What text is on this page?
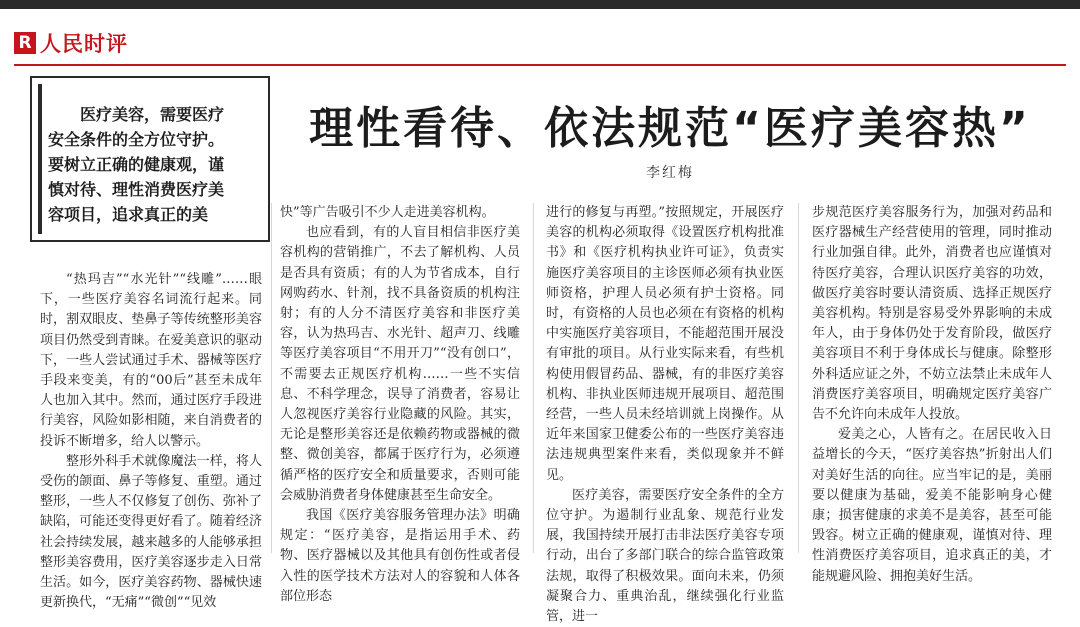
R 人民时评

医疗美容，需要医疗安全条件的全方位守护。要树立正确的健康观，谨慎对待、理性消费医疗美容项目，追求真正的美

理性看待、依法规范“医疗美容热”
李红梅

“热玛吉”“水光针”“线雕”……眼下，一些医疗美容名词流行起来。同时，割双眼皮、垫鼻子等传统整形美容项目仍然受到青睐。在爱美意识的驱动下，一些人尝试通过手术、器械等医疗手段来变美，有的“00后”甚至未成年人也加入其中。然而，通过医疗手段进行美容，风险如影相随，来自消费者的投诉不断增多，给人以警示。

整形外科手术就像魔法一样，将人受伤的颌面、鼻子等修复、重塑。通过整形，一些人不仅修复了创伤、弥补了缺陷，可能还变得更好看了。随着经济社会持续发展，越来越多的人能够承担整形美容费用，医疗美容逐步走入日常生活。如今，医疗美容药物、器械快速更新换代，“无痛”“微创”“见效

快”等广告吸引不少人走进美容机构。

也应看到，有的人盲目相信非医疗美容机构的营销推广，不去了解机构、人员是否具有资质；有的人为节省成本，自行网购药水、针剂，找不具备资质的机构注射；有的人分不清医疗美容和非医疗美容，认为热玛吉、水光针、超声刀、线雕等医疗美容项目“不用开刀”“没有创口”，不需要去正规医疗机构……一些不实信息、不科学理念，误导了消费者，容易让人忽视医疗美容行业隐藏的风险。其实，无论是整形美容还是依赖药物或器械的微整、微创美容，都属于医疗行为，必须遵循严格的医疗安全和质量要求，否则可能会威胁消费者身体健康甚至生命安全。

我国《医疗美容服务管理办法》明确规定：“医疗美容，是指运用手术、药物、医疗器械以及其他具有创伤性或者侵入性的医学技术方法对人的容貌和人体各部位形态

进行的修复与再塑。”按照规定，开展医疗美容的机构必须取得《设置医疗机构批准书》和《医疗机构执业许可证》，负责实施医疗美容项目的主诊医师必须有执业医师资格，护理人员必须有护士资格。同时，有资格的人员也必须在有资格的机构中实施医疗美容项目，不能超范围开展没有审批的项目。从行业实际来看，有些机构使用假冒药品、器械，有的非医疗美容机构、非执业医师违规开展项目、超范围经营，一些人员未经培训就上岗操作。从近年来国家卫健委公布的一些医疗美容违法违规典型案件来看，类似现象并不鲜见。

医疗美容，需要医疗安全条件的全方位守护。为遏制行业乱象、规范行业发展，我国持续开展打击非法医疗美容专项行动，出台了多部门联合的综合监管政策法规，取得了积极效果。面向未来，仍须凝聚合力、重典治乱，继续强化行业监管，进一

步规范医疗美容服务行为，加强对药品和医疗器械生产经营使用的管理，同时推动行业加强自律。此外，消费者也应谨慎对待医疗美容，合理认识医疗美容的功效，做医疗美容时要认清资质、选择正规医疗美容机构。特别是容易受外界影响的未成年人，由于身体仍处于发育阶段，做医疗美容项目不利于身体成长与健康。除整形外科适应证之外，不妨立法禁止未成年人消费医疗美容项目，明确规定医疗美容广告不允许向未成年人投放。

爱美之心，人皆有之。在居民收入日益增长的今天，“医疗美容热”折射出人们对美好生活的向往。应当牢记的是，美丽要以健康为基础，爱美不能影响身心健康；损害健康的求美不是美容，甚至可能毁容。树立正确的健康观，谨慎对待、理性消费医疗美容项目，追求真正的美，才能规避风险、拥抱美好生活。
